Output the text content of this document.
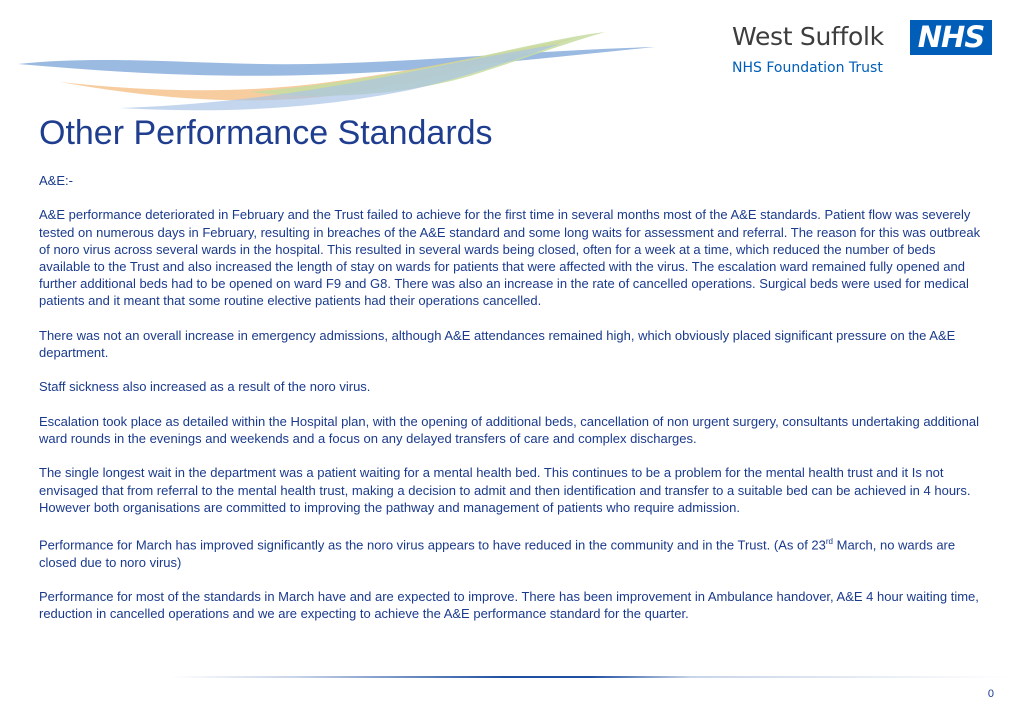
West Suffolk NHS
NHS Foundation Trust
Other Performance Standards

A&E:-

A&E performance deteriorated in February and the Trust failed to achieve for the first time in several months most of the A&E standards. Patient flow was severely tested on numerous days in February, resulting in breaches of the A&E standard and some long waits for assessment and referral. The reason for this was outbreak of noro virus across several wards in the hospital. This resulted in several wards being closed, often for a week at a time, which reduced the number of beds available to the Trust and also increased the length of stay on wards for patients that were affected with the virus. The escalation ward remained fully opened and further additional beds had to be opened on ward F9 and G8. There was also an increase in the rate of cancelled operations. Surgical beds were used for medical patients and it meant that some routine elective patients had their operations cancelled.

There was not an overall increase in emergency admissions, although A&E attendances remained high, which obviously placed significant pressure on the A&E department.

Staff sickness also increased as a result of the noro virus.

Escalation took place as detailed within the Hospital plan, with the opening of additional beds, cancellation of non urgent surgery, consultants undertaking additional ward rounds in the evenings and weekends and a focus on any delayed transfers of care and complex discharges.

The single longest wait in the department was a patient waiting for a mental health bed. This continues to be a problem for the mental health trust and it Is not envisaged that from referral to the mental health trust, making a decision to admit and then identification and transfer to a suitable bed can be achieved in 4 hours. However both organisations are committed to improving the pathway and management of patients who require admission.

Performance for March has improved significantly as the noro virus appears to have reduced in the community and in the Trust. (As of 23rd March, no wards are closed due to noro virus)

Performance for most of the standards in March have and are expected to improve. There has been improvement in Ambulance handover, A&E 4 hour waiting time, reduction in cancelled operations and we are expecting to achieve the A&E performance standard for the quarter.

0
